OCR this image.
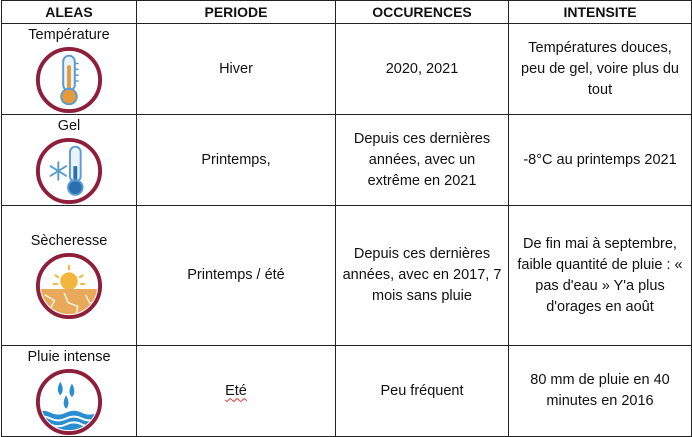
ALEAS	PERIODE	OCCURENCES	INTENSITE

Température	Hiver	2020, 2021	Températures douces, peu de gel, voire plus du tout

Gel	Printemps,	Depuis ces dernières années, avec un extrême en 2021	-8°C au printemps 2021

Sècheresse	Printemps / été	Depuis ces dernières années, avec en 2017, 7 mois sans pluie	De fin mai à septembre, faible quantité de pluie : « pas d'eau » Y'a plus d'orages en août

Pluie intense	Eté	Peu fréquent	80 mm de pluie en 40 minutes en 2016
